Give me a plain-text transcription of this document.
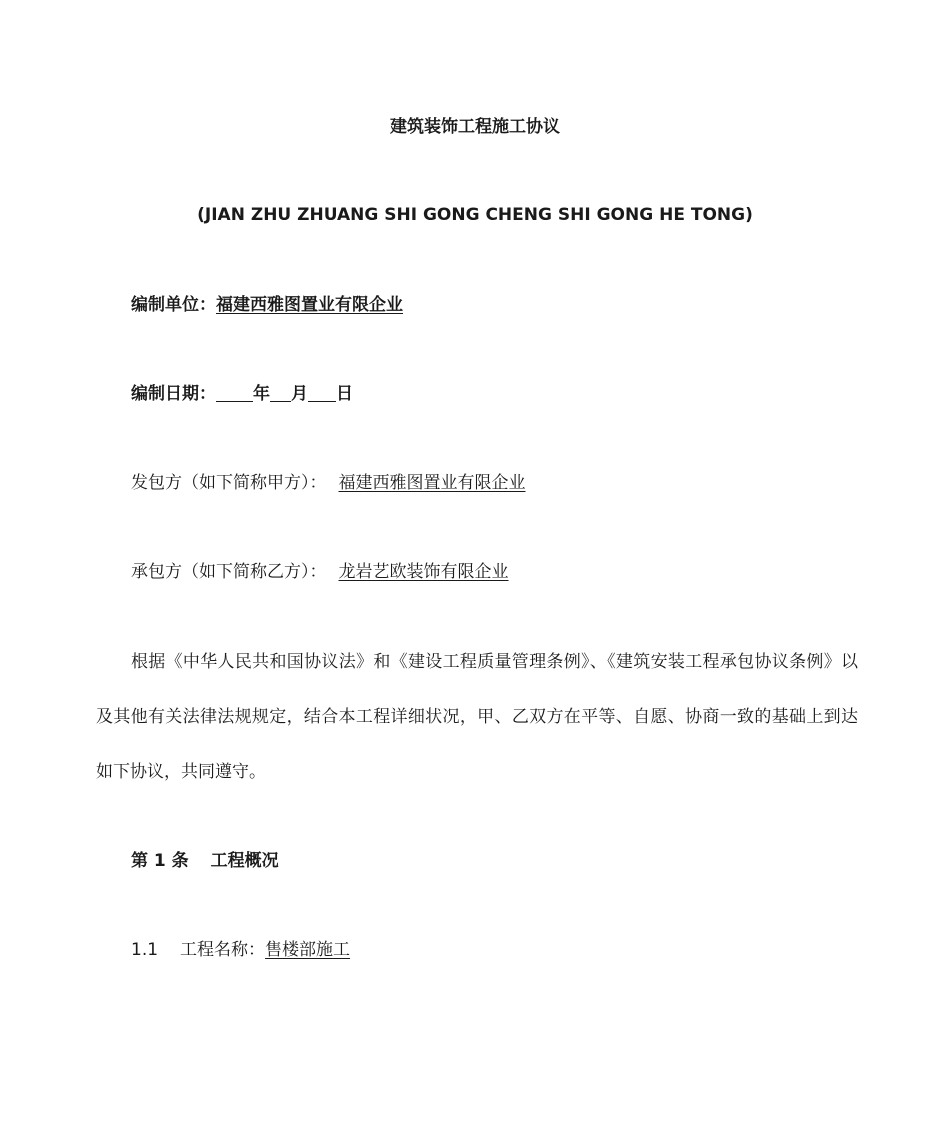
建筑装饰工程施工协议
(JIAN ZHU ZHUANG SHI GONG CHENG SHI GONG HE TONG)
编制单位：福建西雅图置业有限企业
编制日期： 年 月 日
发包方（如下简称甲方）： 福建西雅图置业有限企业
承包方（如下简称乙方）： 龙岩艺欧装饰有限企业
根据《中华人民共和国协议法》和《建设工程质量管理条例》、《建筑安装工程承包协议条例》以及其他有关法律法规规定，结合本工程详细状况，甲、乙双方在平等、自愿、协商一致的基础上到达如下协议，共同遵守。
第 1 条 工程概况
1.1 工程名称：售楼部施工
